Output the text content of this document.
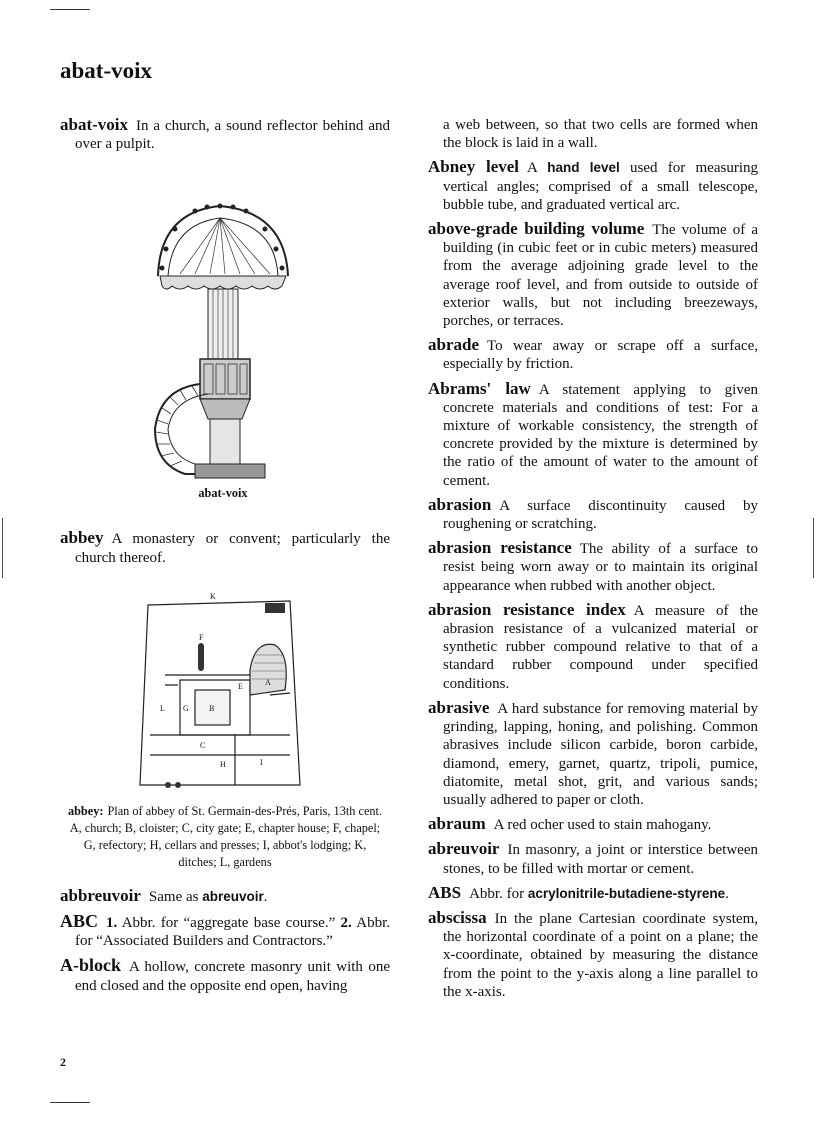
abat-voix

abat-voix In a church, a sound reflector behind and over a pulpit.

abat-voix

abbey A monastery or convent; particularly the church thereof.

A
B
C
E
F
G
H	I
K
L

abbey: Plan of abbey of St. Germain-des-Prés, Paris, 13th cent. A, church; B, cloister; C, city gate; E, chapter house; F, chapel; G, refectory; H, cellars and presses; I, abbot's lodging; K, ditches; L, gardens

abbreuvoir Same as abreuvoir.

ABC 1. Abbr. for “aggregate base course.” 2. Abbr. for “Associated Builders and Contractors.”

A-block A hollow, concrete masonry unit with one end closed and the opposite end open, having

a web between, so that two cells are formed when the block is laid in a wall.

Abney level A hand level used for measuring vertical angles; comprised of a small telescope, bubble tube, and graduated vertical arc.

above-grade building volume The volume of a building (in cubic feet or in cubic meters) measured from the average adjoining grade level to the average roof level, and from outside to outside of exterior walls, but not including breezeways, porches, or terraces.

abrade To wear away or scrape off a surface, especially by friction.

Abrams' law A statement applying to given concrete materials and conditions of test: For a mixture of workable consistency, the strength of concrete provided by the mixture is determined by the ratio of the amount of water to the amount of cement.

abrasion A surface discontinuity caused by roughening or scratching.

abrasion resistance The ability of a surface to resist being worn away or to maintain its original appearance when rubbed with another object.

abrasion resistance index A measure of the abrasion resistance of a vulcanized material or synthetic rubber compound relative to that of a standard rubber compound under specified conditions.

abrasive A hard substance for removing material by grinding, lapping, honing, and polishing. Common abrasives include silicon carbide, boron carbide, diamond, emery, garnet, quartz, tripoli, pumice, diatomite, metal shot, grit, and various sands; usually adhered to paper or cloth.

abraum A red ocher used to stain mahogany.

abreuvoir In masonry, a joint or interstice between stones, to be filled with mortar or cement.

ABS Abbr. for acrylonitrile-butadiene-styrene.

abscissa In the plane Cartesian coordinate system, the horizontal coordinate of a point on a plane; the x-coordinate, obtained by measuring the distance from the point to the y-axis along a line parallel to the x-axis.

2
